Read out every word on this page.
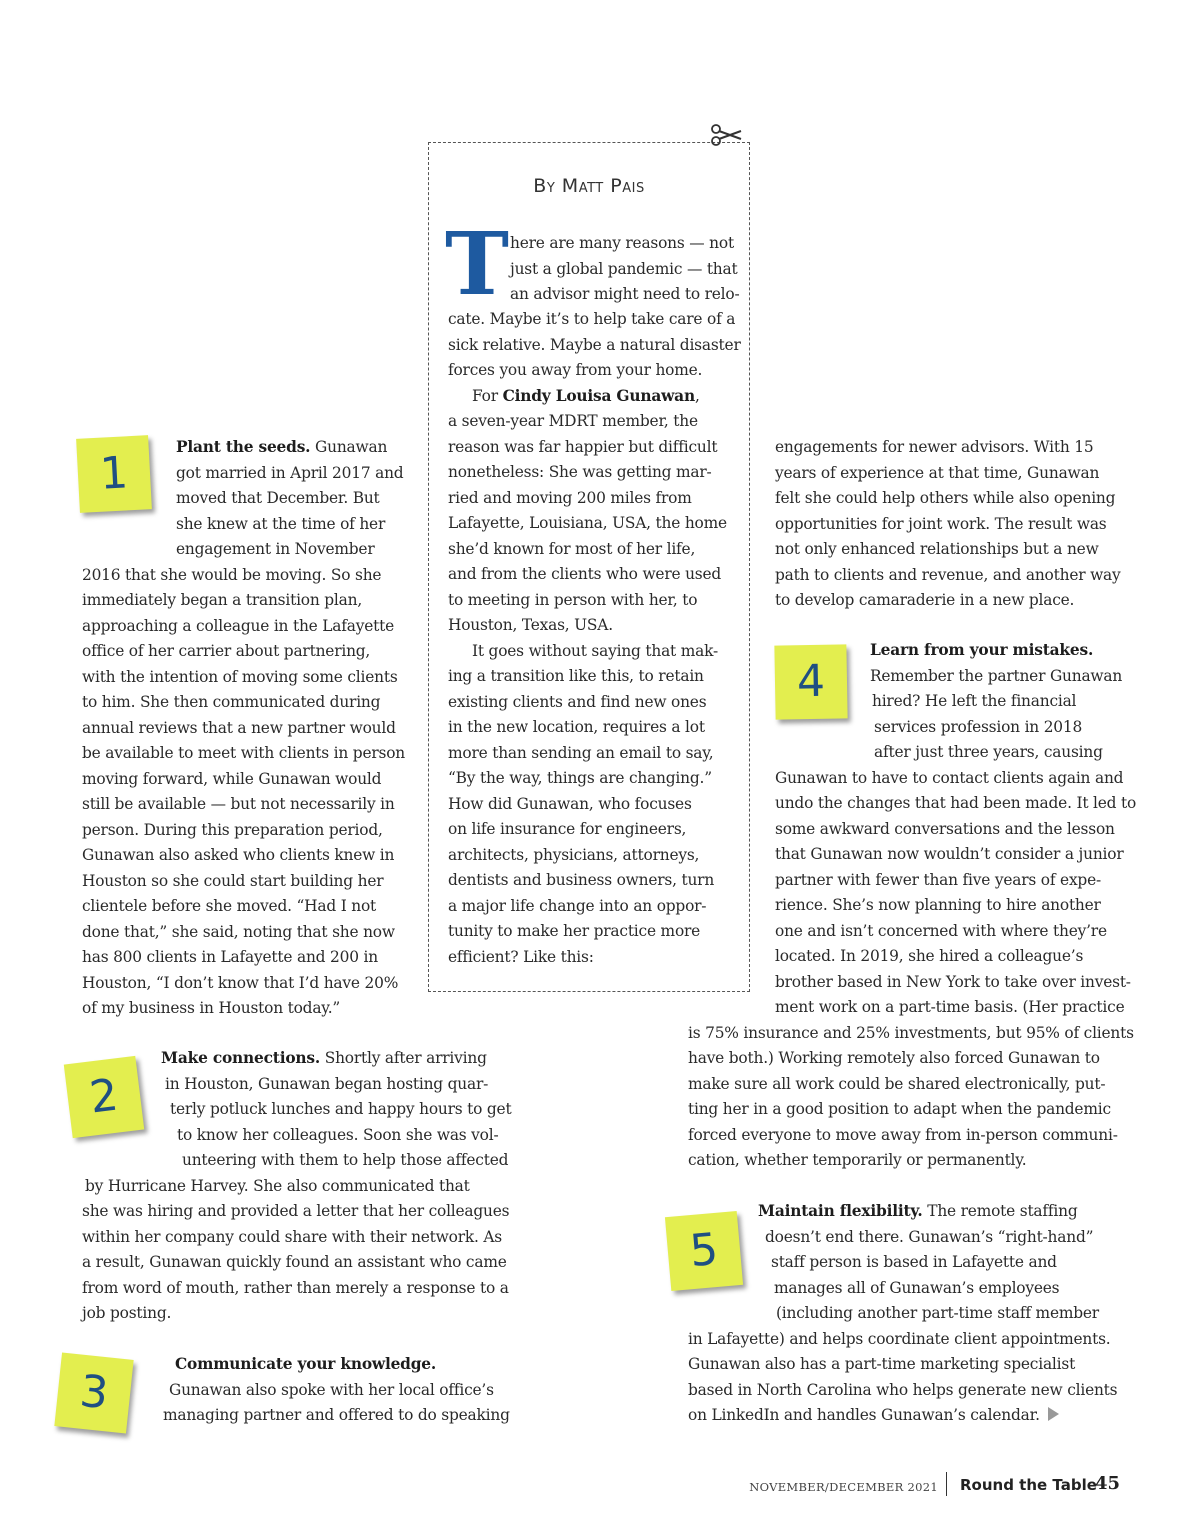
By Matt Pais
T here are many reasons — not
just a global pandemic — that
an advisor might need to relo-
cate. Maybe it’s to help take care of a
sick relative. Maybe a natural disaster
forces you away from your home.
For Cindy Louisa Gunawan,
a seven-year MDRT member, the
reason was far happier but difficult
nonetheless: She was getting mar-
ried and moving 200 miles from
Lafayette, Louisiana, USA, the home
she’d known for most of her life,
and from the clients who were used
to meeting in person with her, to
Houston, Texas, USA.
It goes without saying that mak-
ing a transition like this, to retain
existing clients and find new ones
in the new location, requires a lot
more than sending an email to say,
“By the way, things are changing.”
How did Gunawan, who focuses
on life insurance for engineers,
architects, physicians, attorneys,
dentists and business owners, turn
a major life change into an oppor-
tunity to make her practice more
efficient? Like this:
1
Plant the seeds. Gunawan
got married in April 2017 and
moved that December. But
she knew at the time of her
engagement in November
2016 that she would be moving. So she
immediately began a transition plan,
approaching a colleague in the Lafayette
office of her carrier about partnering,
with the intention of moving some clients
to him. She then communicated during
annual reviews that a new partner would
be available to meet with clients in person
moving forward, while Gunawan would
still be available — but not necessarily in
person. During this preparation period,
Gunawan also asked who clients knew in
Houston so she could start building her
clientele before she moved. “Had I not
done that,” she said, noting that she now
has 800 clients in Lafayette and 200 in
Houston, “I don’t know that I’d have 20%
of my business in Houston today.”
2
Make connections. Shortly after arriving
in Houston, Gunawan began hosting quar-
terly potluck lunches and happy hours to get
to know her colleagues. Soon she was vol-
unteering with them to help those affected
by Hurricane Harvey. She also communicated that
she was hiring and provided a letter that her colleagues
within her company could share with their network. As
a result, Gunawan quickly found an assistant who came
from word of mouth, rather than merely a response to a
job posting.
3
Communicate your knowledge.
Gunawan also spoke with her local office’s
managing partner and offered to do speaking
engagements for newer advisors. With 15
years of experience at that time, Gunawan
felt she could help others while also opening
opportunities for joint work. The result was
not only enhanced relationships but a new
path to clients and revenue, and another way
to develop camaraderie in a new place.
4
Learn from your mistakes.
Remember the partner Gunawan
hired? He left the financial
services profession in 2018
after just three years, causing
Gunawan to have to contact clients again and
undo the changes that had been made. It led to
some awkward conversations and the lesson
that Gunawan now wouldn’t consider a junior
partner with fewer than five years of expe-
rience. She’s now planning to hire another
one and isn’t concerned with where they’re
located. In 2019, she hired a colleague’s
brother based in New York to take over invest-
ment work on a part-time basis. (Her practice
is 75% insurance and 25% investments, but 95% of clients
have both.) Working remotely also forced Gunawan to
make sure all work could be shared electronically, put-
ting her in a good position to adapt when the pandemic
forced everyone to move away from in-person communi-
cation, whether temporarily or permanently.
5
Maintain flexibility. The remote staffing
doesn’t end there. Gunawan’s “right-hand”
staff person is based in Lafayette and
manages all of Gunawan’s employees
(including another part-time staff member
in Lafayette) and helps coordinate client appointments.
Gunawan also has a part-time marketing specialist
based in North Carolina who helps generate new clients
on LinkedIn and handles Gunawan’s calendar.
NOVEMBER/DECEMBER 2021 Round the Table
45
